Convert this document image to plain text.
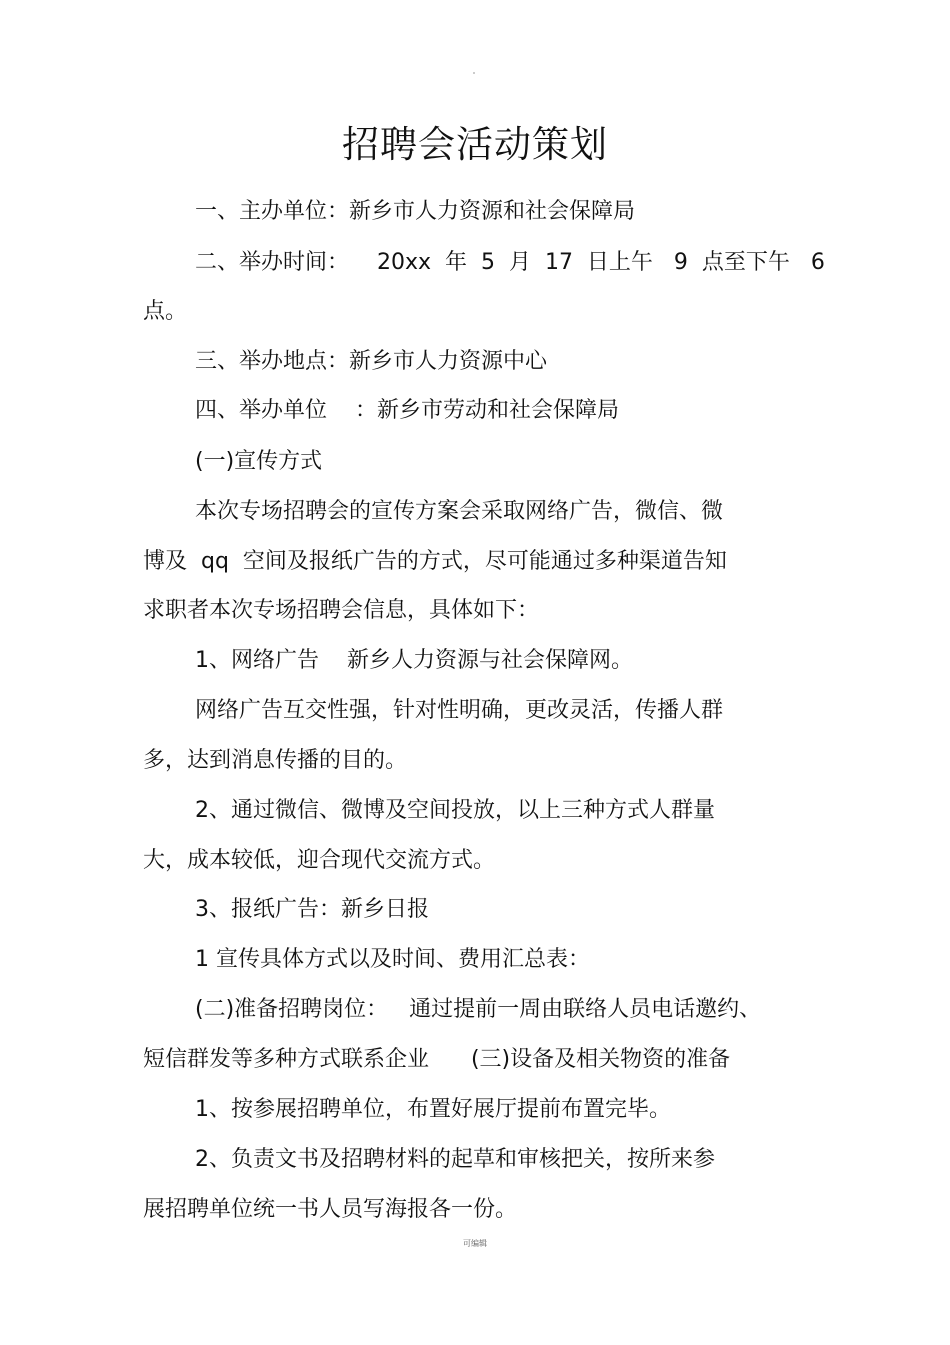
招聘会活动策划
一、主办单位：新乡市人力资源和社会保障局
二、举办时间：    20xx  年  5  月  17  日上午   9  点至下午   6
点。
三、举办地点：新乡市人力资源中心
四、举办单位    ：新乡市劳动和社会保障局
(一)宣传方式
本次专场招聘会的宣传方案会采取网络广告，微信、微
博及  qq  空间及报纸广告的方式，尽可能通过多种渠道告知
求职者本次专场招聘会信息，具体如下：
1、网络广告    新乡人力资源与社会保障网。
网络广告互交性强，针对性明确，更改灵活，传播人群
多，达到消息传播的目的。
2、通过微信、微博及空间投放，以上三种方式人群量
大，成本较低，迎合现代交流方式。
3、报纸广告：新乡日报
1 宣传具体方式以及时间、费用汇总表：
(二)准备招聘岗位：   通过提前一周由联络人员电话邀约、
短信群发等多种方式联系企业      (三)设备及相关物资的准备
1、按参展招聘单位，布置好展厅提前布置完毕。
2、负责文书及招聘材料的起草和审核把关，按所来参
展招聘单位统一书人员写海报各一份。
可编辑
